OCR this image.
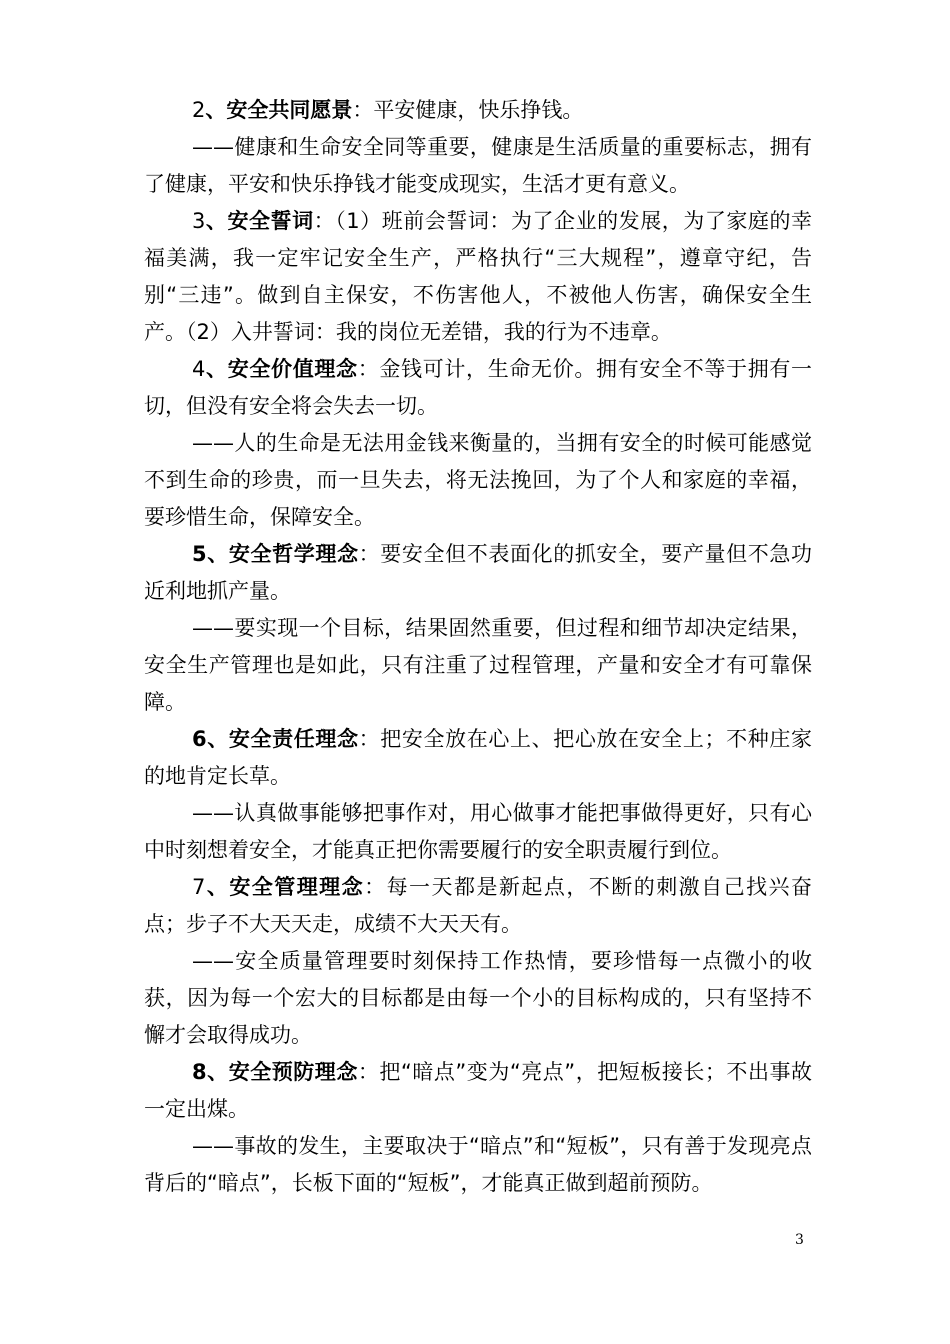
2、安全共同愿景：平安健康，快乐挣钱。

——健康和生命安全同等重要，健康是生活质量的重要标志，拥有了健康，平安和快乐挣钱才能变成现实，生活才更有意义。

3、安全誓词：（1）班前会誓词：为了企业的发展，为了家庭的幸福美满，我一定牢记安全生产，严格执行“三大规程”，遵章守纪，告别“三违”。做到自主保安，不伤害他人，不被他人伤害，确保安全生产。（2）入井誓词：我的岗位无差错，我的行为不违章。

4、安全价值理念：金钱可计，生命无价。拥有安全不等于拥有一切，但没有安全将会失去一切。

——人的生命是无法用金钱来衡量的，当拥有安全的时候可能感觉不到生命的珍贵，而一旦失去，将无法挽回，为了个人和家庭的幸福，要珍惜生命，保障安全。

5、安全哲学理念：要安全但不表面化的抓安全，要产量但不急功近利地抓产量。

——要实现一个目标，结果固然重要，但过程和细节却决定结果，安全生产管理也是如此，只有注重了过程管理，产量和安全才有可靠保障。

6、安全责任理念：把安全放在心上、把心放在安全上；不种庄家的地肯定长草。

——认真做事能够把事作对，用心做事才能把事做得更好，只有心中时刻想着安全，才能真正把你需要履行的安全职责履行到位。

7、安全管理理念：每一天都是新起点，不断的刺激自己找兴奋点；步子不大天天走，成绩不大天天有。

——安全质量管理要时刻保持工作热情，要珍惜每一点微小的收获，因为每一个宏大的目标都是由每一个小的目标构成的，只有坚持不懈才会取得成功。

8、安全预防理念：把“暗点”变为“亮点”，把短板接长；不出事故一定出煤。

——事故的发生，主要取决于“暗点”和“短板”，只有善于发现亮点背后的“暗点”，长板下面的“短板”，才能真正做到超前预防。

3
